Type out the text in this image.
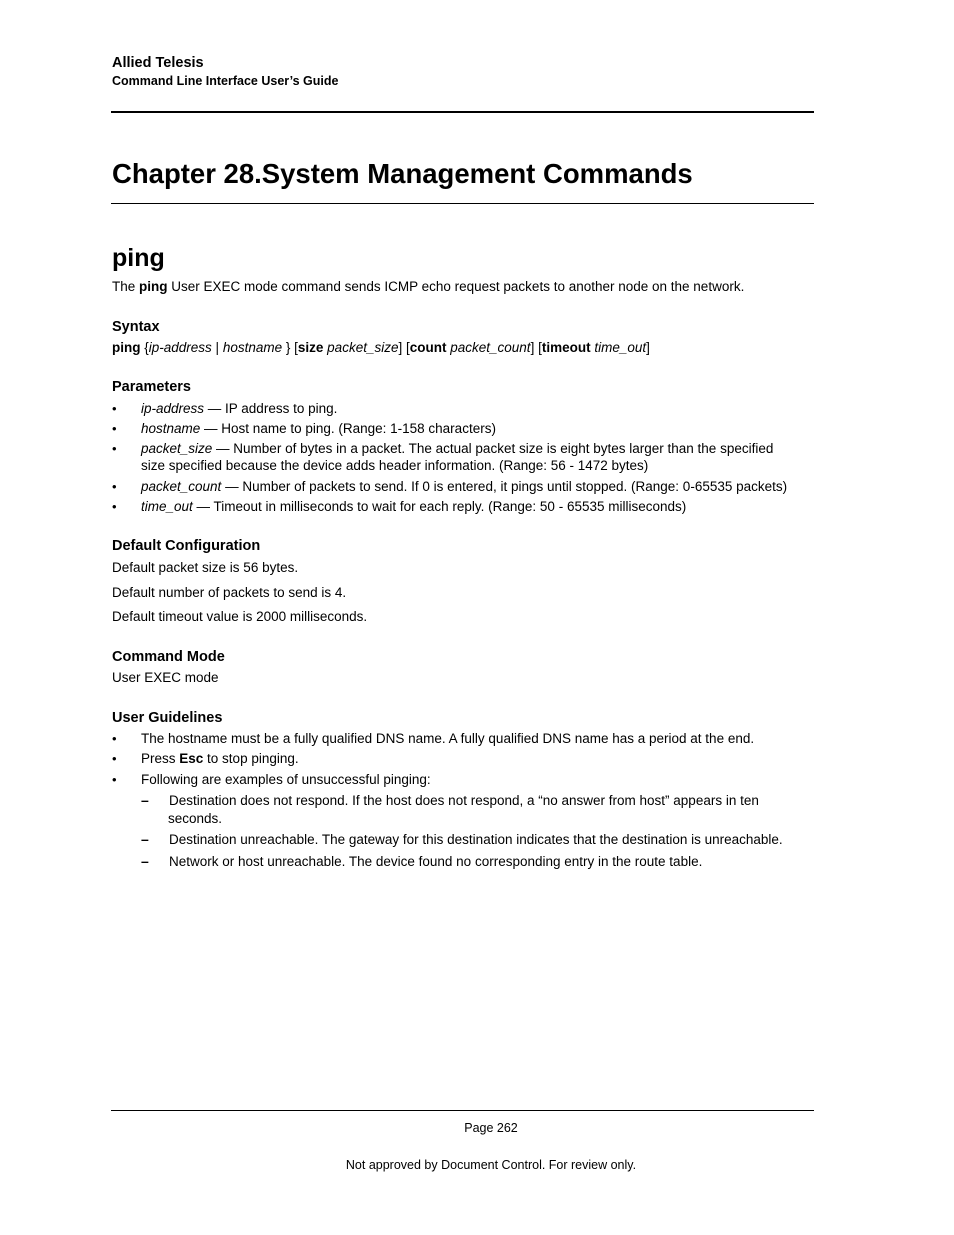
Allied Telesis
Command Line Interface User’s Guide
Chapter 28.System Management Commands
ping
The ping User EXEC mode command sends ICMP echo request packets to another node on the network.
Syntax
ping {ip-address | hostname } [size packet_size] [count packet_count] [timeout time_out]
Parameters
• ip-address — IP address to ping.
• hostname — Host name to ping. (Range: 1-158 characters)
• packet_size — Number of bytes in a packet. The actual packet size is eight bytes larger than the specified
size specified because the device adds header information. (Range: 56 - 1472 bytes)
• packet_count — Number of packets to send. If 0 is entered, it pings until stopped. (Range: 0-65535 packets)
• time_out — Timeout in milliseconds to wait for each reply. (Range: 50 - 65535 milliseconds)
Default Configuration
Default packet size is 56 bytes.
Default number of packets to send is 4.
Default timeout value is 2000 milliseconds.
Command Mode
User EXEC mode
User Guidelines
• The hostname must be a fully qualified DNS name. A fully qualified DNS name has a period at the end.
• Press Esc to stop pinging.
• Following are examples of unsuccessful pinging:
– Destination does not respond. If the host does not respond, a “no answer from host” appears in ten
seconds.
– Destination unreachable. The gateway for this destination indicates that the destination is unreachable.
– Network or host unreachable. The device found no corresponding entry in the route table.
Page 262
Not approved by Document Control. For review only.
